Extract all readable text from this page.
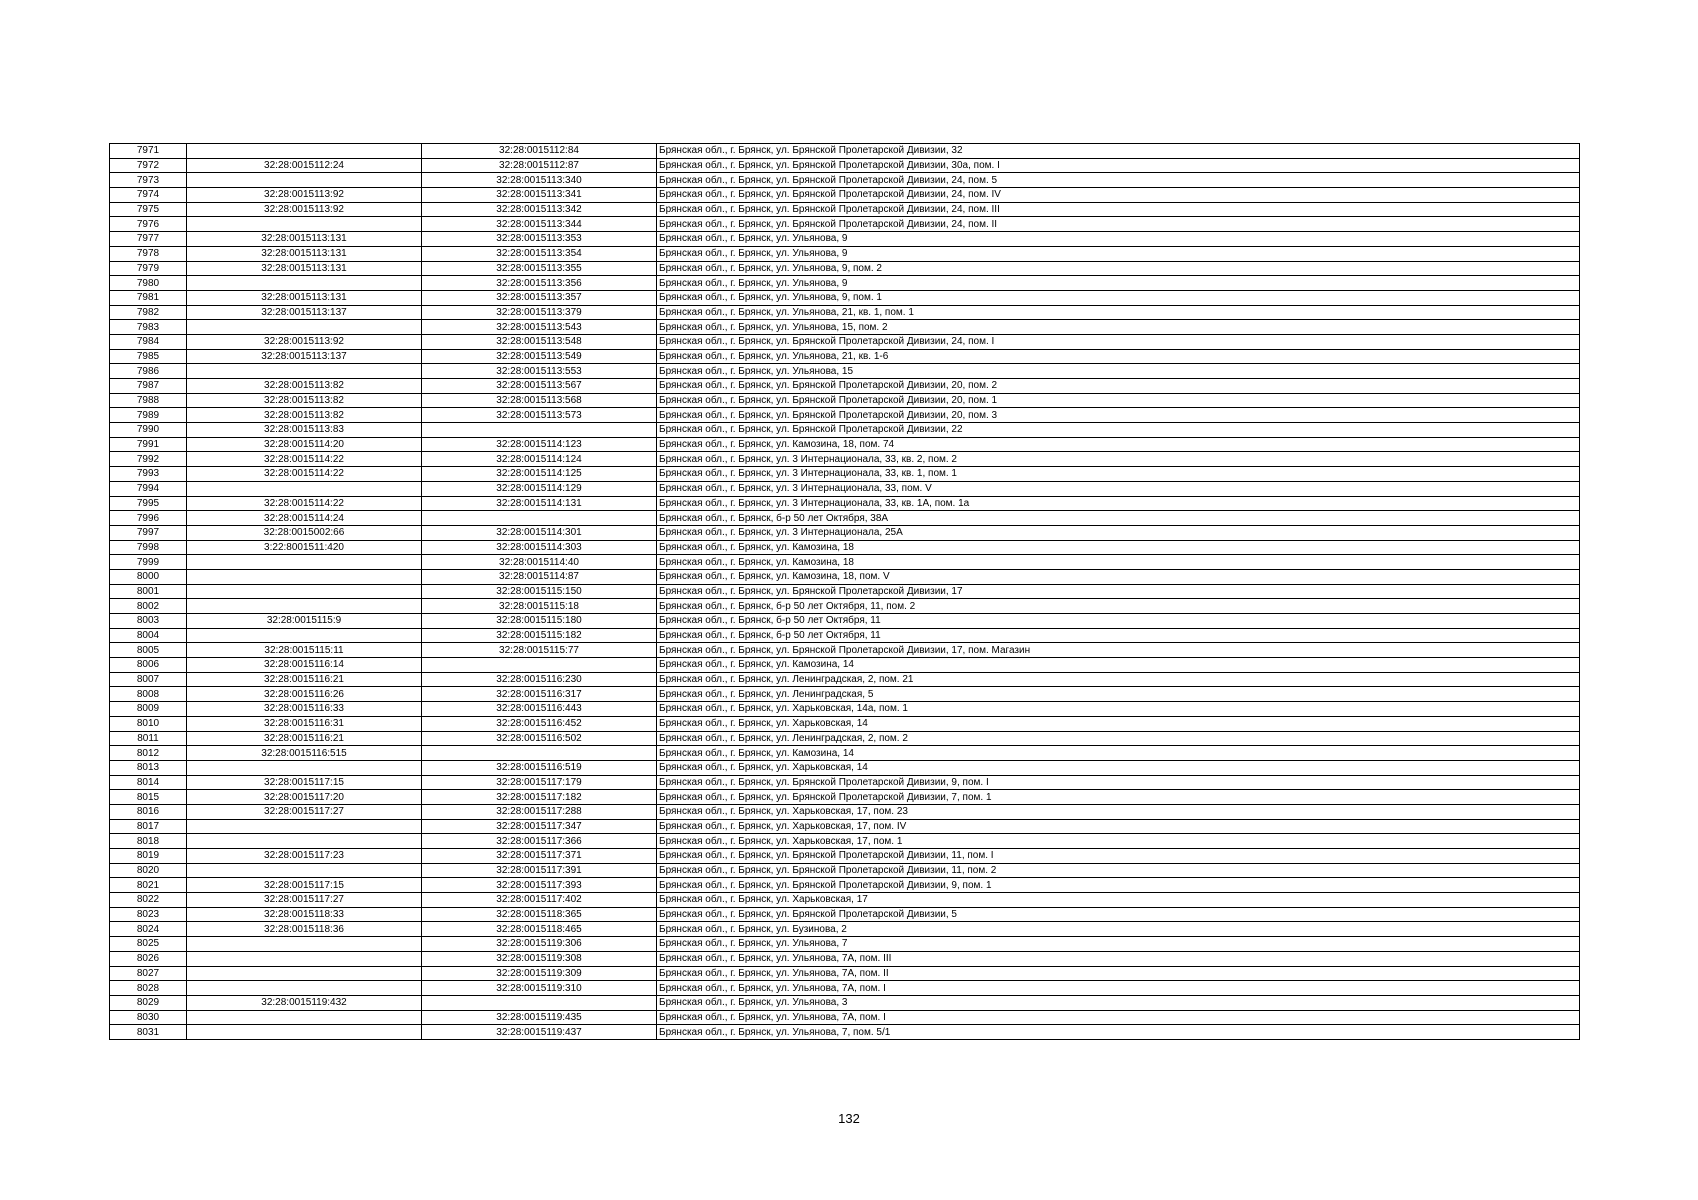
7971		32:28:0015112:84	Брянская обл., г. Брянск, ул. Брянской Пролетарской Дивизии, 32
7972	32:28:0015112:24	32:28:0015112:87	Брянская обл., г. Брянск, ул. Брянской Пролетарской Дивизии, 30а, пом. I
7973		32:28:0015113:340	Брянская обл., г. Брянск, ул. Брянской Пролетарской Дивизии, 24, пом. 5
7974	32:28:0015113:92	32:28:0015113:341	Брянская обл., г. Брянск, ул. Брянской Пролетарской Дивизии, 24, пом. IV
7975	32:28:0015113:92	32:28:0015113:342	Брянская обл., г. Брянск, ул. Брянской Пролетарской Дивизии, 24, пом. III
7976		32:28:0015113:344	Брянская обл., г. Брянск, ул. Брянской Пролетарской Дивизии, 24, пом. II
7977	32:28:0015113:131	32:28:0015113:353	Брянская обл., г. Брянск, ул. Ульянова, 9
7978	32:28:0015113:131	32:28:0015113:354	Брянская обл., г. Брянск, ул. Ульянова, 9
7979	32:28:0015113:131	32:28:0015113:355	Брянская обл., г. Брянск, ул. Ульянова, 9, пом. 2
7980		32:28:0015113:356	Брянская обл., г. Брянск, ул. Ульянова, 9
7981	32:28:0015113:131	32:28:0015113:357	Брянская обл., г. Брянск, ул. Ульянова, 9, пом. 1
7982	32:28:0015113:137	32:28:0015113:379	Брянская обл., г. Брянск, ул. Ульянова, 21, кв. 1, пом. 1
7983		32:28:0015113:543	Брянская обл., г. Брянск, ул. Ульянова, 15, пом. 2
7984	32:28:0015113:92	32:28:0015113:548	Брянская обл., г. Брянск, ул. Брянской Пролетарской Дивизии, 24, пом. I
7985	32:28:0015113:137	32:28:0015113:549	Брянская обл., г. Брянск, ул. Ульянова, 21, кв. 1-6
7986		32:28:0015113:553	Брянская обл., г. Брянск, ул. Ульянова, 15
7987	32:28:0015113:82	32:28:0015113:567	Брянская обл., г. Брянск, ул. Брянской Пролетарской Дивизии, 20, пом. 2
7988	32:28:0015113:82	32:28:0015113:568	Брянская обл., г. Брянск, ул. Брянской Пролетарской Дивизии, 20, пом. 1
7989	32:28:0015113:82	32:28:0015113:573	Брянская обл., г. Брянск, ул. Брянской Пролетарской Дивизии, 20, пом. 3
7990	32:28:0015113:83		Брянская обл., г. Брянск, ул. Брянской Пролетарской Дивизии, 22
7991	32:28:0015114:20	32:28:0015114:123	Брянская обл., г. Брянск, ул. Камозина, 18, пом. 74
7992	32:28:0015114:22	32:28:0015114:124	Брянская обл., г. Брянск, ул. 3 Интернационала, 33, кв. 2, пом. 2
7993	32:28:0015114:22	32:28:0015114:125	Брянская обл., г. Брянск, ул. 3 Интернационала, 33, кв. 1, пом. 1
7994		32:28:0015114:129	Брянская обл., г. Брянск, ул. 3 Интернационала, 33, пом. V
7995	32:28:0015114:22	32:28:0015114:131	Брянская обл., г. Брянск, ул. 3 Интернационала, 33, кв. 1А, пом. 1а
7996	32:28:0015114:24		Брянская обл., г. Брянск, б-р 50 лет Октября, 38А
7997	32:28:0015002:66	32:28:0015114:301	Брянская обл., г. Брянск, ул. 3 Интернационала, 25А
7998	3:22:8001511:420	32:28:0015114:303	Брянская обл., г. Брянск, ул. Камозина, 18
7999		32:28:0015114:40	Брянская обл., г. Брянск, ул. Камозина, 18
8000		32:28:0015114:87	Брянская обл., г. Брянск, ул. Камозина, 18, пом. V
8001		32:28:0015115:150	Брянская обл., г. Брянск, ул. Брянской Пролетарской Дивизии, 17
8002		32:28:0015115:18	Брянская обл., г. Брянск, б-р 50 лет Октября, 11, пом. 2
8003	32:28:0015115:9	32:28:0015115:180	Брянская обл., г. Брянск, б-р 50 лет Октября, 11
8004		32:28:0015115:182	Брянская обл., г. Брянск, б-р 50 лет Октября, 11
8005	32:28:0015115:11	32:28:0015115:77	Брянская обл., г. Брянск, ул. Брянской Пролетарской Дивизии, 17, пом. Магазин
8006	32:28:0015116:14		Брянская обл., г. Брянск, ул. Камозина, 14
8007	32:28:0015116:21	32:28:0015116:230	Брянская обл., г. Брянск, ул. Ленинградская, 2, пом. 21
8008	32:28:0015116:26	32:28:0015116:317	Брянская обл., г. Брянск, ул. Ленинградская, 5
8009	32:28:0015116:33	32:28:0015116:443	Брянская обл., г. Брянск, ул. Харьковская, 14а, пом. 1
8010	32:28:0015116:31	32:28:0015116:452	Брянская обл., г. Брянск, ул. Харьковская, 14
8011	32:28:0015116:21	32:28:0015116:502	Брянская обл., г. Брянск, ул. Ленинградская, 2, пом. 2
8012	32:28:0015116:515		Брянская обл., г. Брянск, ул. Камозина, 14
8013		32:28:0015116:519	Брянская обл., г. Брянск, ул. Харьковская, 14
8014	32:28:0015117:15	32:28:0015117:179	Брянская обл., г. Брянск, ул. Брянской Пролетарской Дивизии, 9, пом. I
8015	32:28:0015117:20	32:28:0015117:182	Брянская обл., г. Брянск, ул. Брянской Пролетарской Дивизии, 7, пом. 1
8016	32:28:0015117:27	32:28:0015117:288	Брянская обл., г. Брянск, ул. Харьковская, 17, пом. 23
8017		32:28:0015117:347	Брянская обл., г. Брянск, ул. Харьковская, 17, пом. IV
8018		32:28:0015117:366	Брянская обл., г. Брянск, ул. Харьковская, 17, пом. 1
8019	32:28:0015117:23	32:28:0015117:371	Брянская обл., г. Брянск, ул. Брянской Пролетарской Дивизии, 11, пом. I
8020		32:28:0015117:391	Брянская обл., г. Брянск, ул. Брянской Пролетарской Дивизии, 11, пом. 2
8021	32:28:0015117:15	32:28:0015117:393	Брянская обл., г. Брянск, ул. Брянской Пролетарской Дивизии, 9, пом. 1
8022	32:28:0015117:27	32:28:0015117:402	Брянская обл., г. Брянск, ул. Харьковская, 17
8023	32:28:0015118:33	32:28:0015118:365	Брянская обл., г. Брянск, ул. Брянской Пролетарской Дивизии, 5
8024	32:28:0015118:36	32:28:0015118:465	Брянская обл., г. Брянск, ул. Бузинова, 2
8025		32:28:0015119:306	Брянская обл., г. Брянск, ул. Ульянова, 7
8026		32:28:0015119:308	Брянская обл., г. Брянск, ул. Ульянова, 7А, пом. III
8027		32:28:0015119:309	Брянская обл., г. Брянск, ул. Ульянова, 7А, пом. II
8028		32:28:0015119:310	Брянская обл., г. Брянск, ул. Ульянова, 7А, пом. I
8029	32:28:0015119:432		Брянская обл., г. Брянск, ул. Ульянова, 3
8030		32:28:0015119:435	Брянская обл., г. Брянск, ул. Ульянова, 7А, пом. I
8031		32:28:0015119:437	Брянская обл., г. Брянск, ул. Ульянова, 7, пом. 5/1
132
